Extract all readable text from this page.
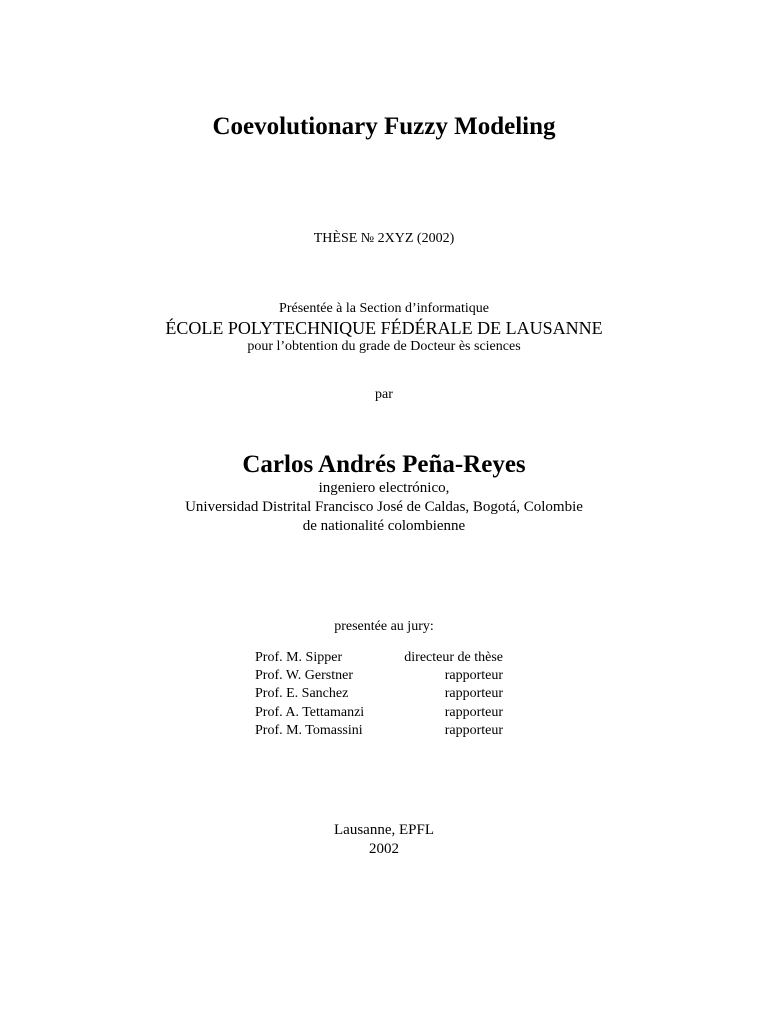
Coevolutionary Fuzzy Modeling
THÈSE № 2XYZ (2002)
Présentée à la Section d’informatique
ÉCOLE POLYTECHNIQUE FÉDÉRALE DE LAUSANNE
pour l’obtention du grade de Docteur ès sciences
par
Carlos Andrés Peña-Reyes
ingeniero electrónico,
Universidad Distrital Francisco José de Caldas, Bogotá, Colombie
de nationalité colombienne
presentée au jury:
Prof. M. Sipper	directeur de thèse
Prof. W. Gerstner	rapporteur
Prof. E. Sanchez	rapporteur
Prof. A. Tettamanzi	rapporteur
Prof. M. Tomassini	rapporteur
Lausanne, EPFL
2002
